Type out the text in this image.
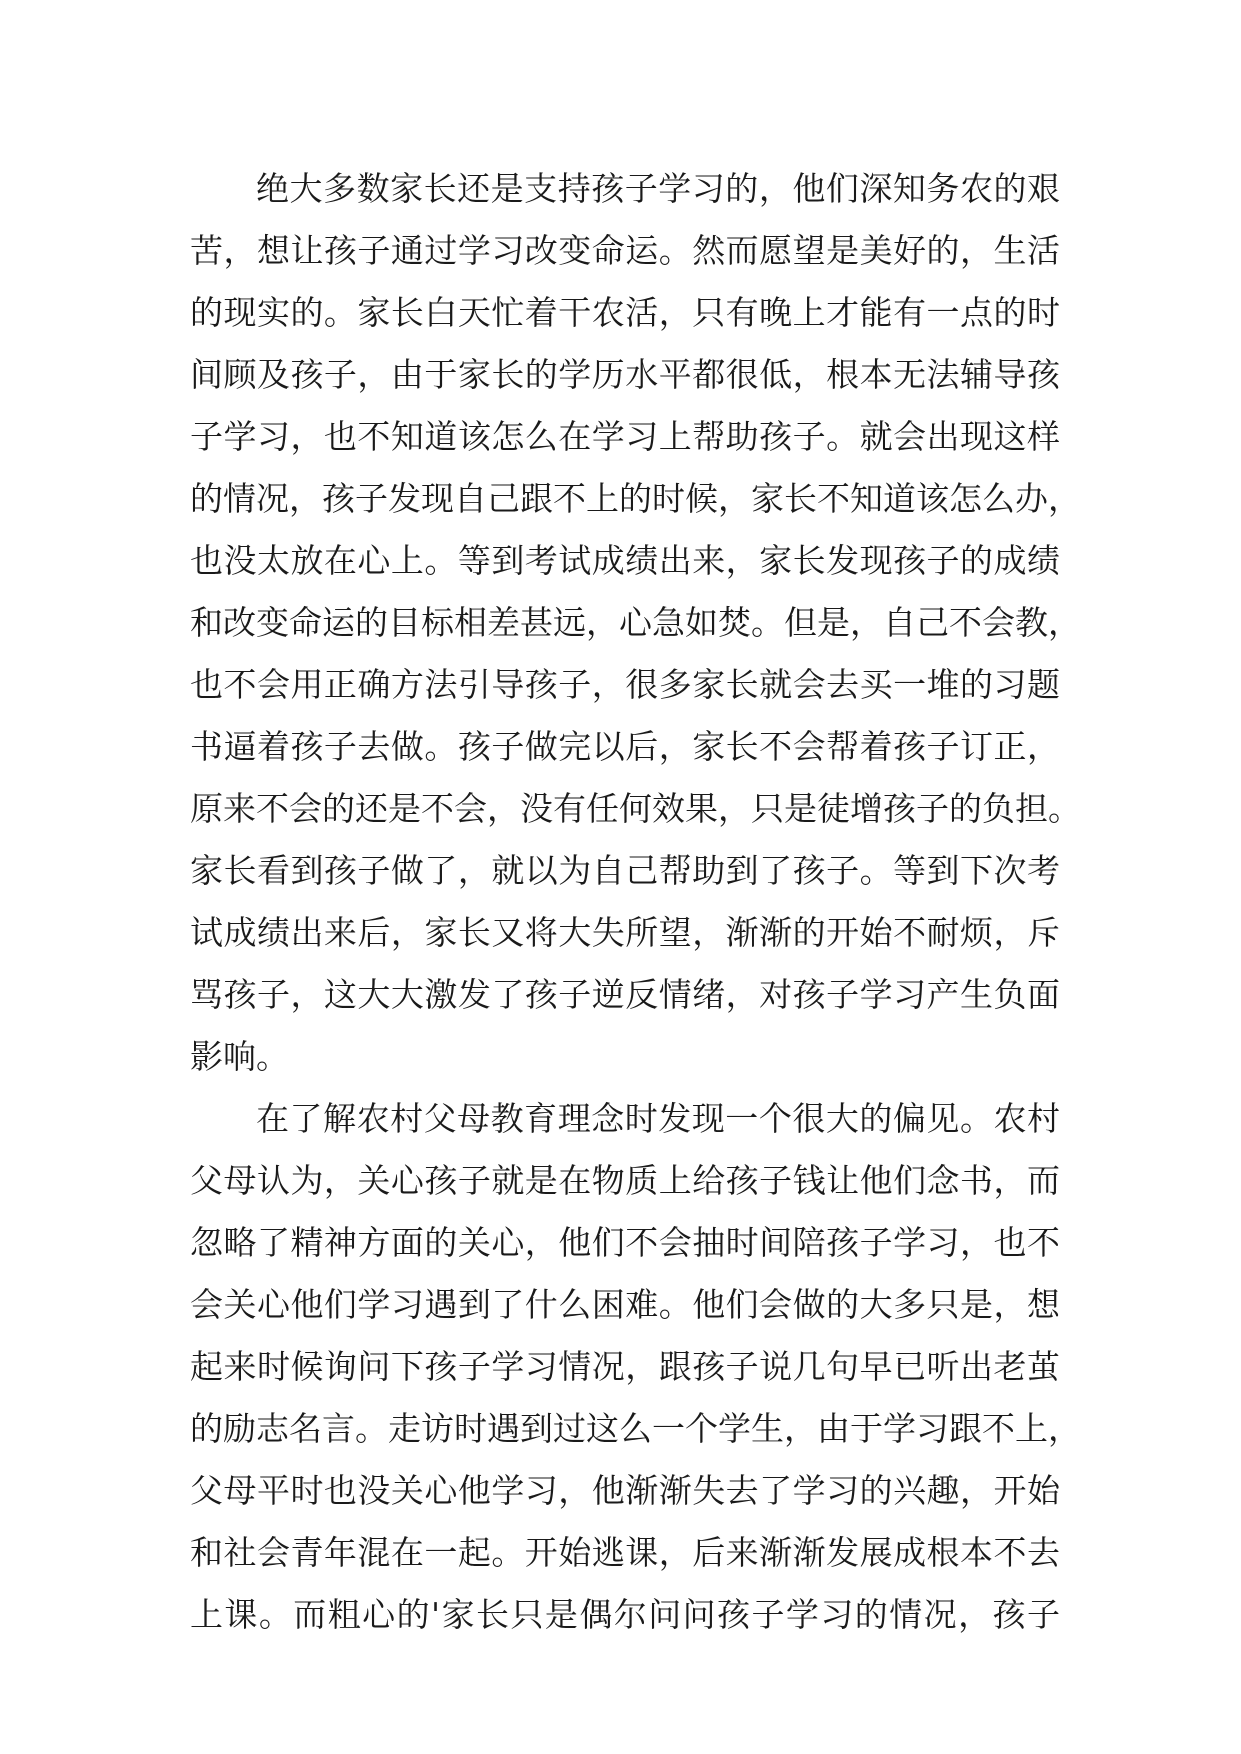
绝大多数家长还是支持孩子学习的，他们深知务农的艰
苦，想让孩子通过学习改变命运。然而愿望是美好的，生活
的现实的。家长白天忙着干农活，只有晚上才能有一点的时
间顾及孩子，由于家长的学历水平都很低，根本无法辅导孩
子学习，也不知道该怎么在学习上帮助孩子。就会出现这样
的情况，孩子发现自己跟不上的时候，家长不知道该怎么办，
也没太放在心上。等到考试成绩出来，家长发现孩子的成绩
和改变命运的目标相差甚远，心急如焚。但是，自己不会教，
也不会用正确方法引导孩子，很多家长就会去买一堆的习题
书逼着孩子去做。孩子做完以后，家长不会帮着孩子订正，
原来不会的还是不会，没有任何效果，只是徒增孩子的负担。
家长看到孩子做了，就以为自己帮助到了孩子。等到下次考
试成绩出来后，家长又将大失所望，渐渐的开始不耐烦，斥
骂孩子，这大大激发了孩子逆反情绪，对孩子学习产生负面
影响。
在了解农村父母教育理念时发现一个很大的偏见。农村
父母认为，关心孩子就是在物质上给孩子钱让他们念书，而
忽略了精神方面的关心，他们不会抽时间陪孩子学习，也不
会关心他们学习遇到了什么困难。他们会做的大多只是，想
起来时候询问下孩子学习情况，跟孩子说几句早已听出老茧
的励志名言。走访时遇到过这么一个学生，由于学习跟不上，
父母平时也没关心他学习，他渐渐失去了学习的兴趣，开始
和社会青年混在一起。开始逃课，后来渐渐发展成根本不去
上课。而粗心的'家长只是偶尔问问孩子学习的情况，孩子
